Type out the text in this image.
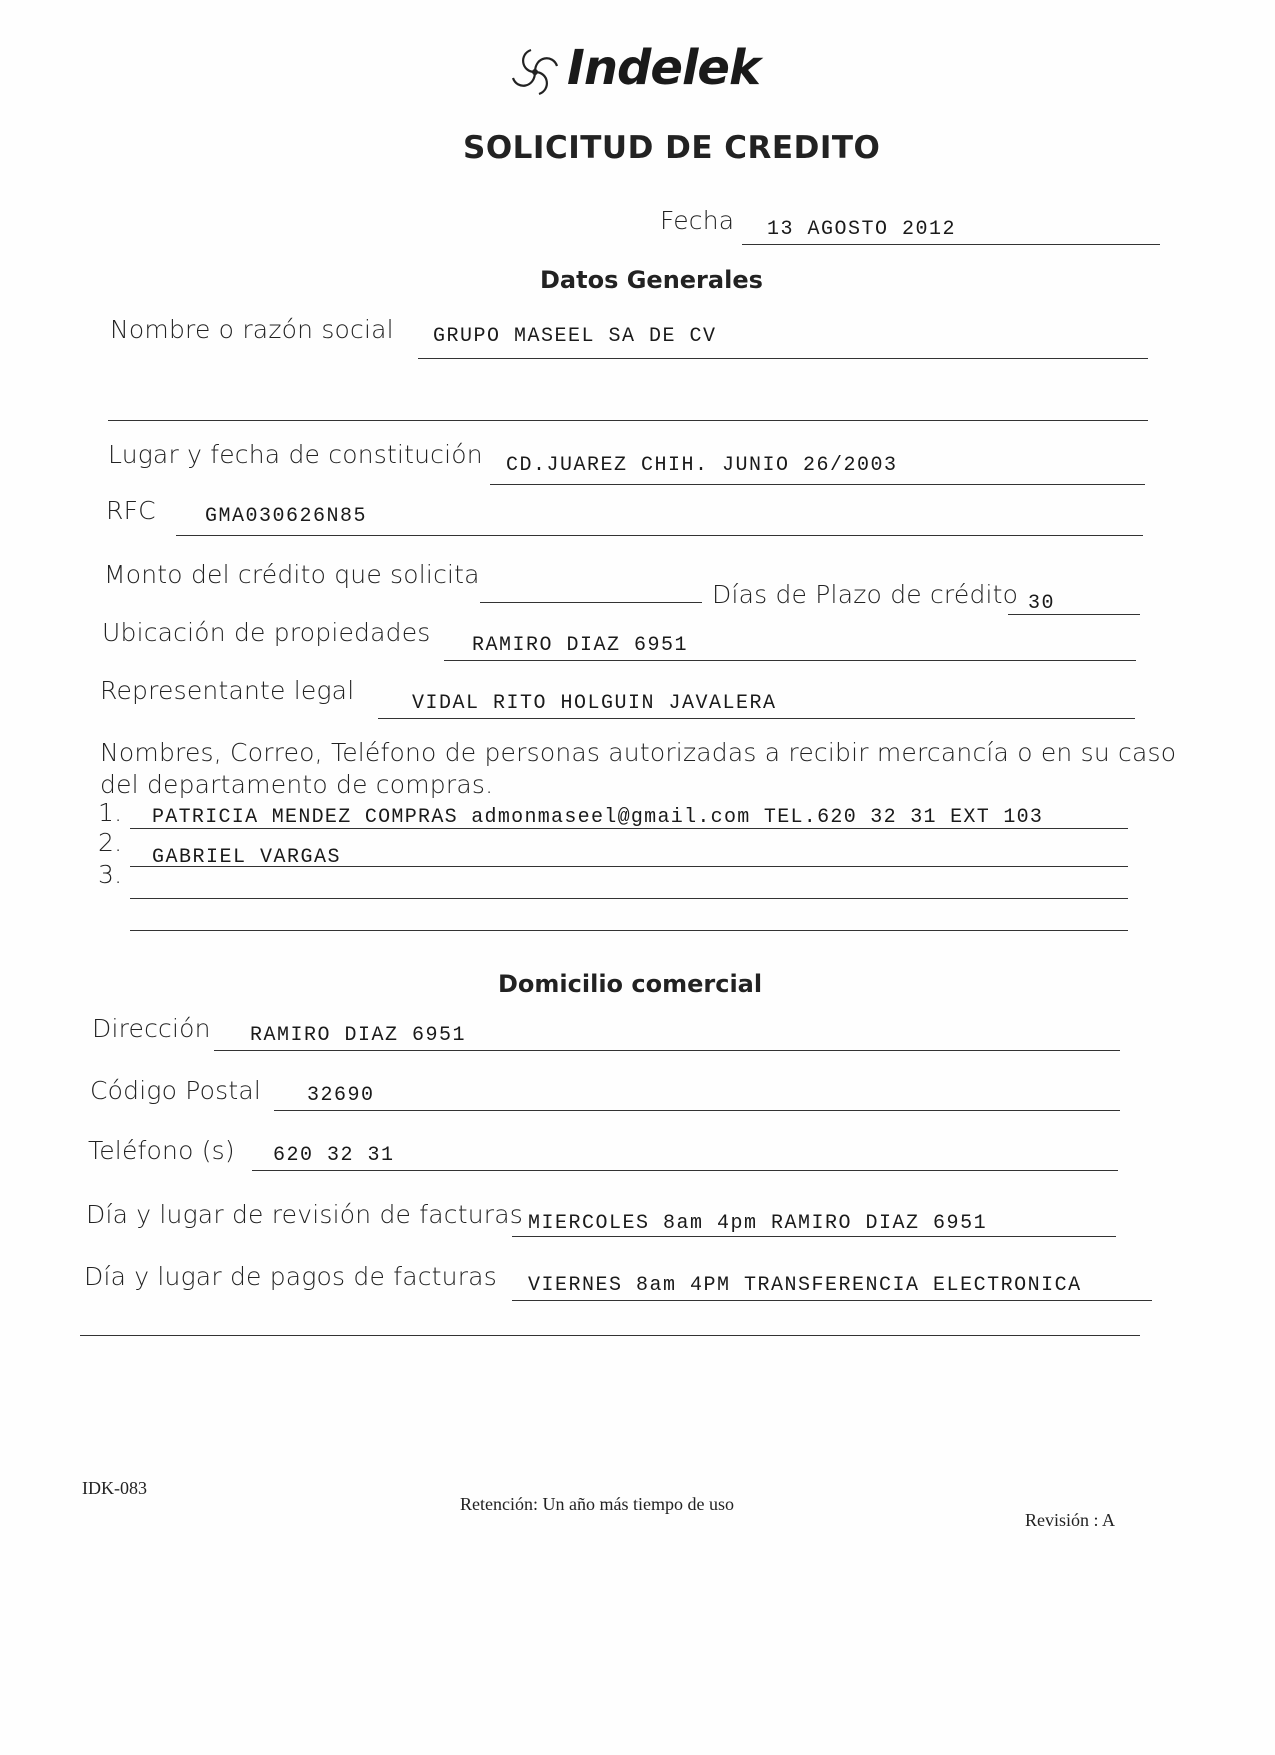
Indelek
SOLICITUD DE CREDITO
Fecha 13 AGOSTO 2012
Datos Generales
Nombre o razón social GRUPO MASEEL SA DE CV
Lugar y fecha de constitución CD.JUAREZ CHIH. JUNIO 26/2003
RFC GMA030626N85
Monto del crédito que solicita
Días de Plazo de crédito 30
Ubicación de propiedades RAMIRO DIAZ 6951
Representante legal	VIDAL RITO HOLGUIN JAVALERA
Nombres, Correo, Teléfono de personas autorizadas a recibir mercancía o en su caso
del departamento de compras.
1. PATRICIA MENDEZ COMPRAS admonmaseel@gmail.com TEL.620 32 31 EXT 103
2.
GABRIEL VARGAS
3.
Domicilio comercial
Dirección RAMIRO DIAZ 6951
Código Postal 32690
Teléfono (s) 620 32 31
Día y lugar de revisión de facturas MIERCOLES 8am 4pm RAMIRO DIAZ 6951
Día y lugar de pagos de facturas VIERNES 8am 4PM TRANSFERENCIA ELECTRONICA
IDK-083
Retención: Un año más tiempo de uso
Revisión : A
